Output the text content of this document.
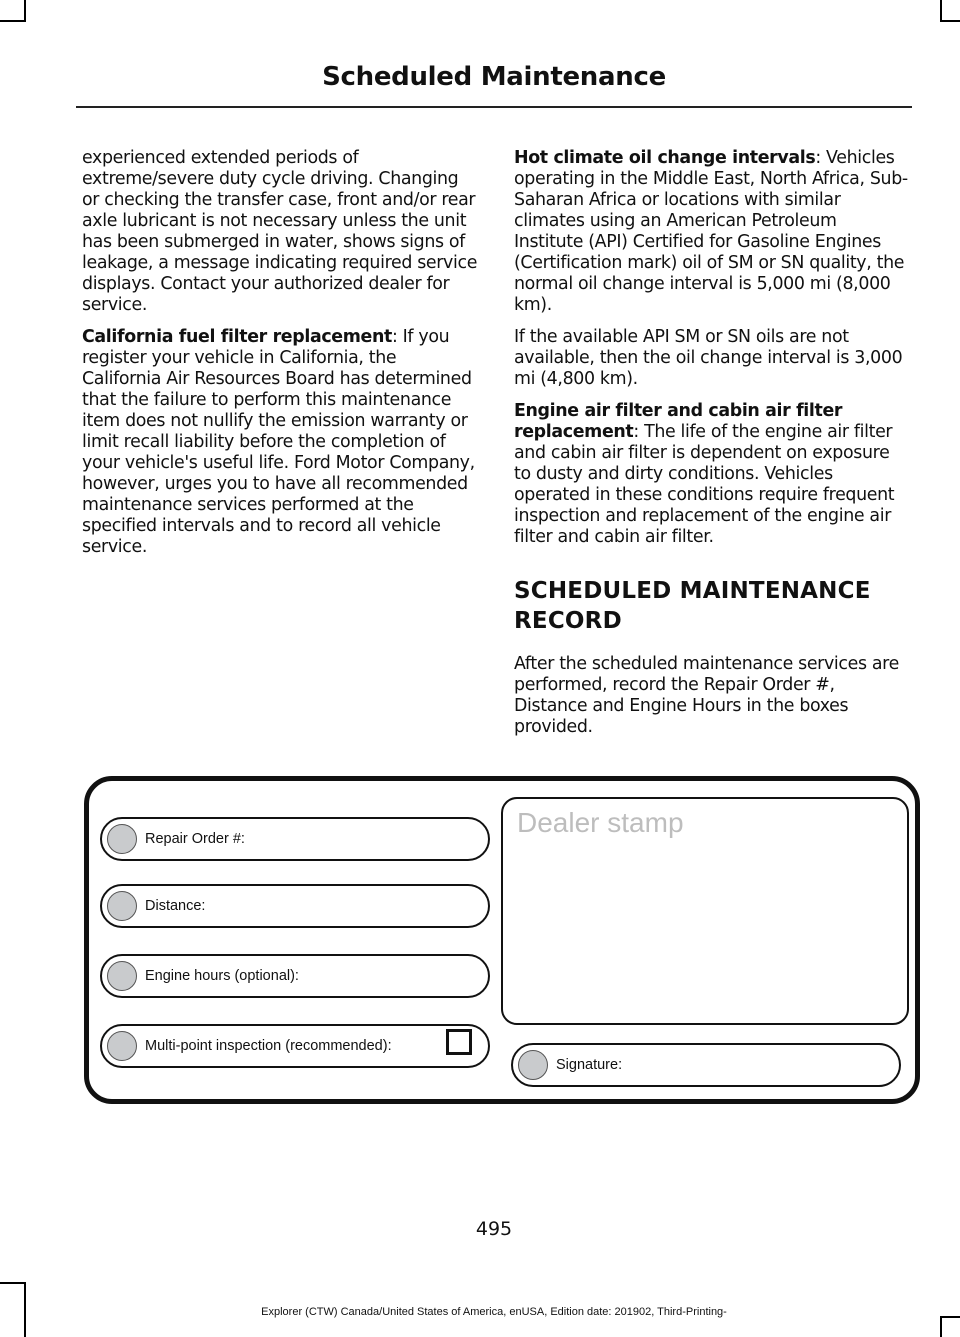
Scheduled Maintenance

experienced extended periods of extreme/severe duty cycle driving. Changing or checking the transfer case, front and/or rear axle lubricant is not necessary unless the unit has been submerged in water, shows signs of leakage, a message indicating required service displays. Contact your authorized dealer for service.

California fuel filter replacement: If you register your vehicle in California, the California Air Resources Board has determined that the failure to perform this maintenance item does not nullify the emission warranty or limit recall liability before the completion of your vehicle's useful life. Ford Motor Company, however, urges you to have all recommended maintenance services performed at the specified intervals and to record all vehicle service.

Hot climate oil change intervals: Vehicles operating in the Middle East, North Africa, Sub-Saharan Africa or locations with similar climates using an American Petroleum Institute (API) Certified for Gasoline Engines (Certification mark) oil of SM or SN quality, the normal oil change interval is 5,000 mi (8,000 km).

If the available API SM or SN oils are not available, then the oil change interval is 3,000 mi (4,800 km).

Engine air filter and cabin air filter replacement: The life of the engine air filter and cabin air filter is dependent on exposure to dusty and dirty conditions. Vehicles operated in these conditions require frequent inspection and replacement of the engine air filter and cabin air filter.

SCHEDULED MAINTENANCE RECORD

After the scheduled maintenance services are performed, record the Repair Order #, Distance and Engine Hours in the boxes provided.

Repair Order #:
Distance:
Engine hours (optional):
Multi-point inspection (recommended):
Dealer stamp
Signature:
495
Explorer (CTW) Canada/United States of America, enUSA, Edition date: 201902, Third-Printing-
